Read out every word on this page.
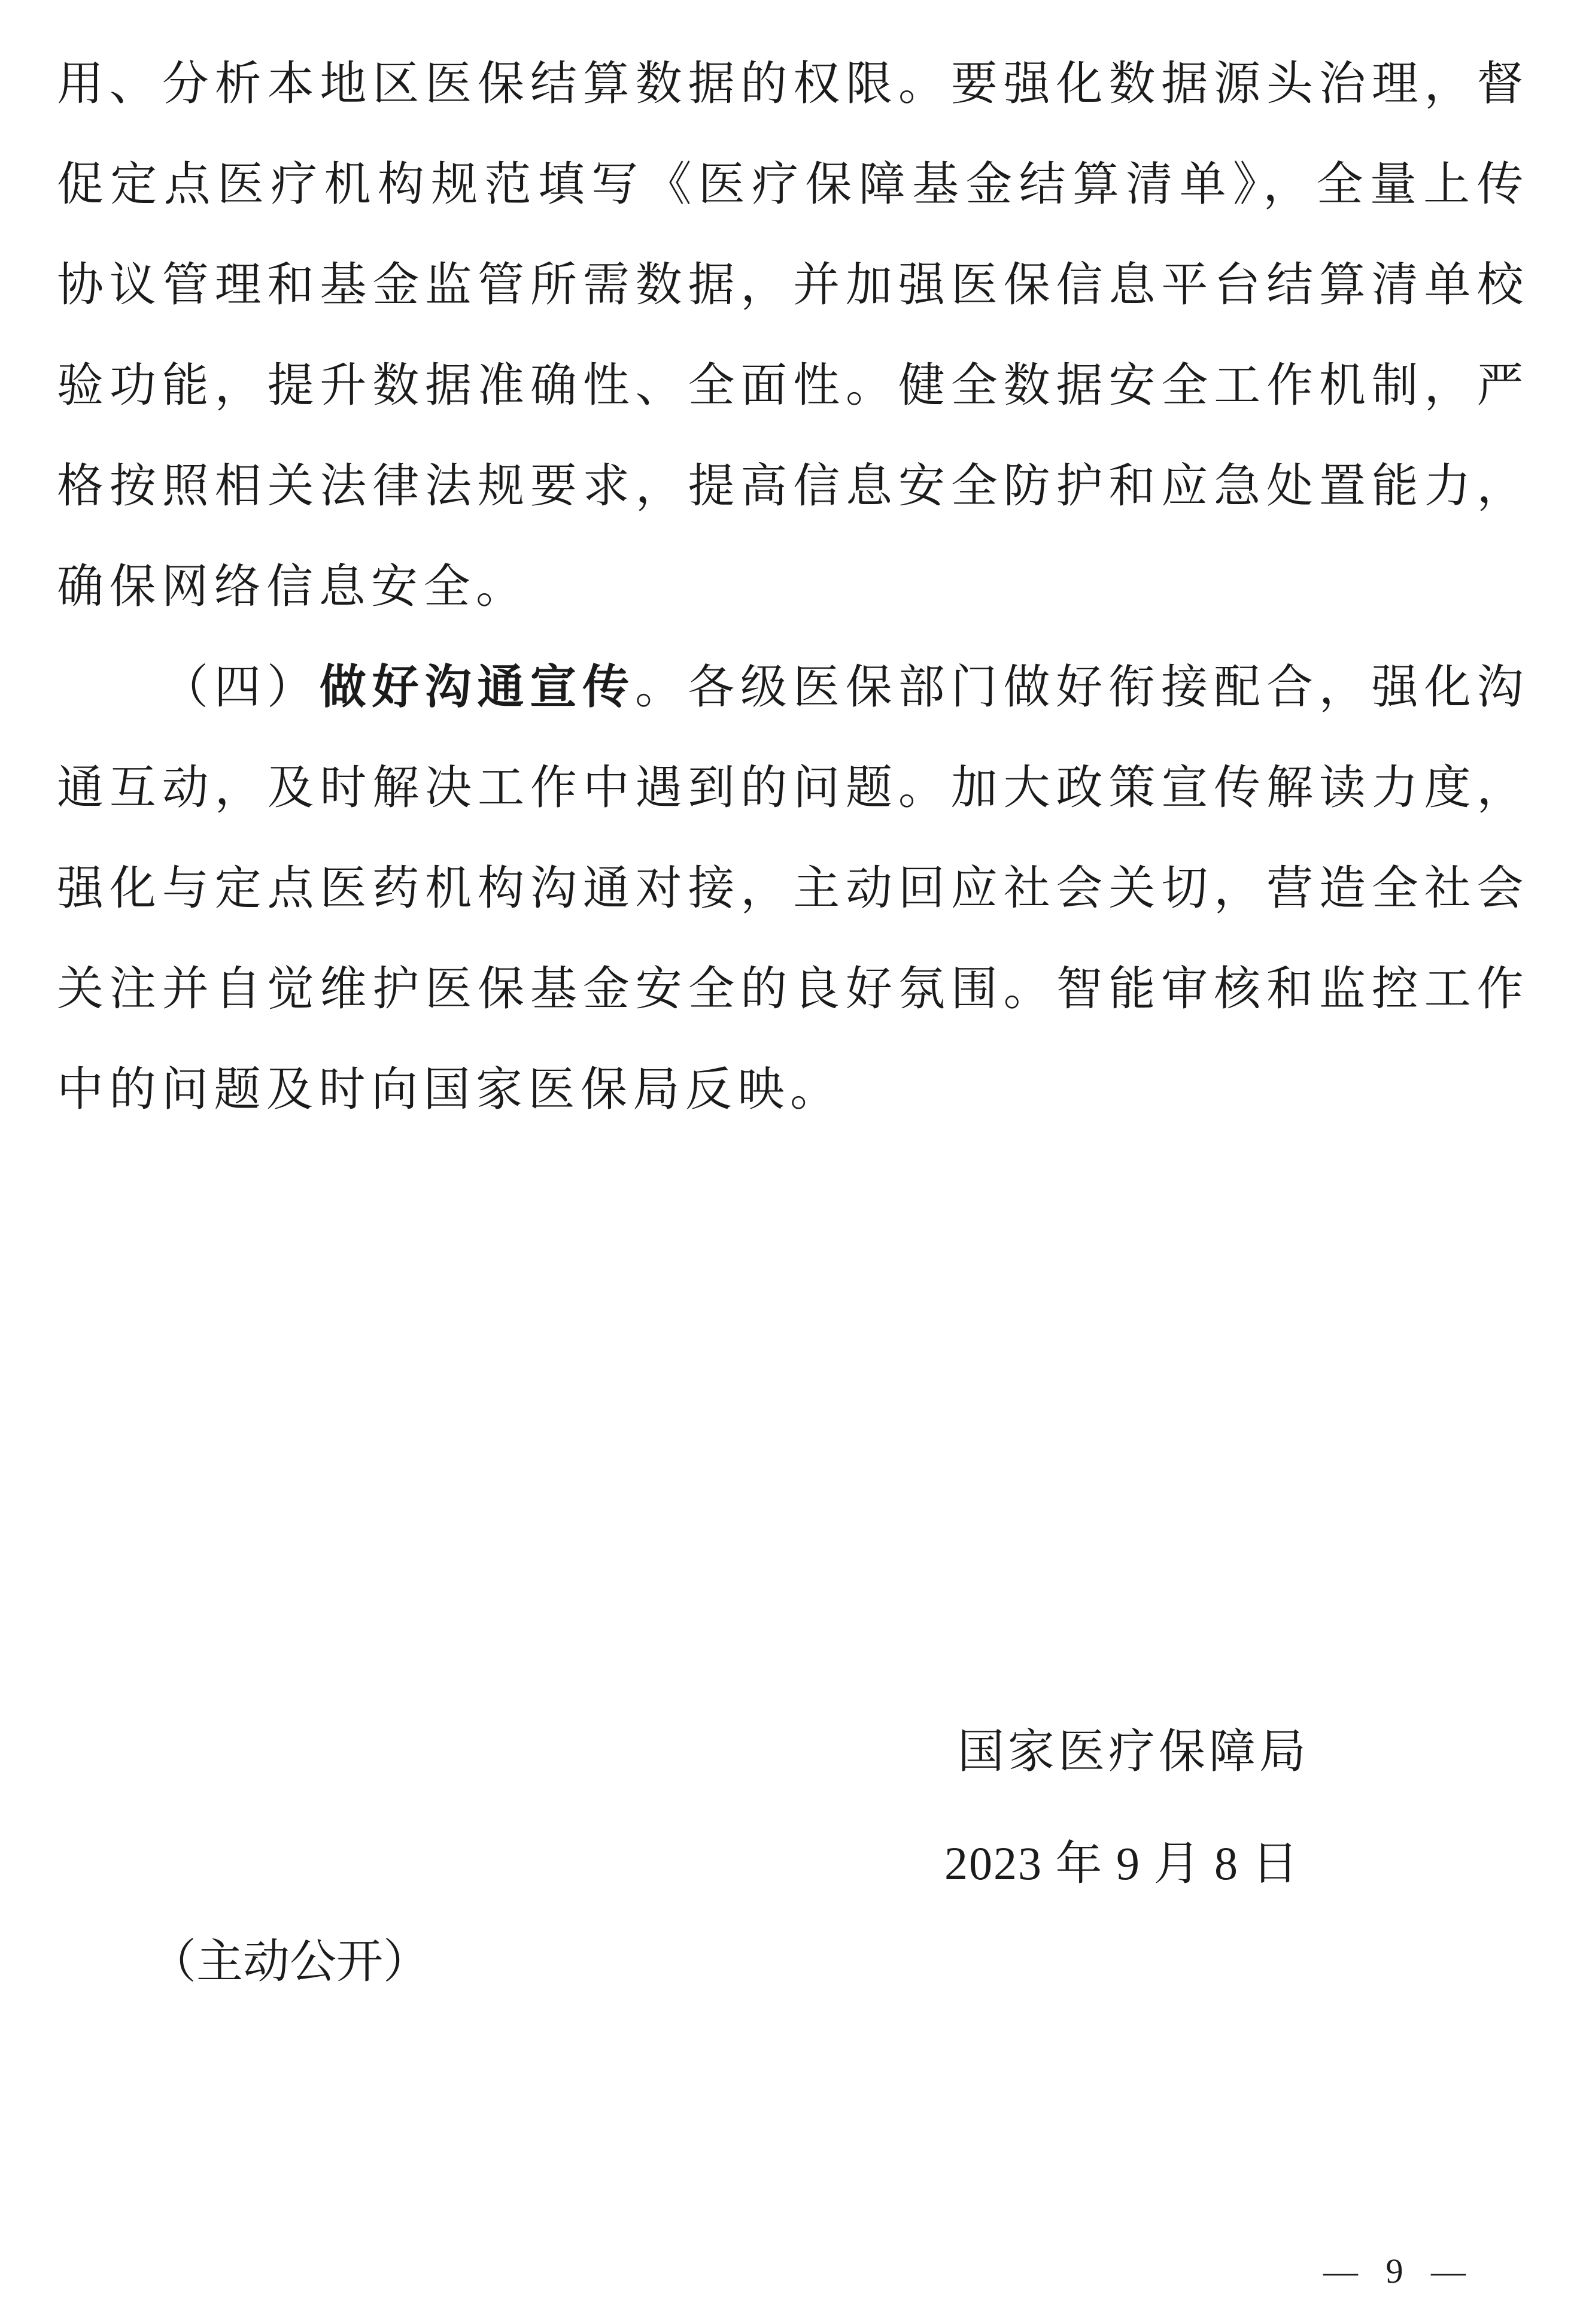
用、分析本地区医保结算数据的权限。要强化数据源头治理，督
促定点医疗机构规范填写《医疗保障基金结算清单》，全量上传
协议管理和基金监管所需数据，并加强医保信息平台结算清单校
验功能，提升数据准确性、全面性。健全数据安全工作机制，严
格按照相关法律法规要求，提高信息安全防护和应急处置能力，
确保网络信息安全。
（四）做好沟通宣传。各级医保部门做好衔接配合，强化沟
通互动，及时解决工作中遇到的问题。加大政策宣传解读力度，
强化与定点医药机构沟通对接，主动回应社会关切，营造全社会
关注并自觉维护医保基金安全的良好氛围。智能审核和监控工作
中的问题及时向国家医保局反映。
国家医疗保障局
2023 年 9 月 8 日
（主动公开）
— 9 —
